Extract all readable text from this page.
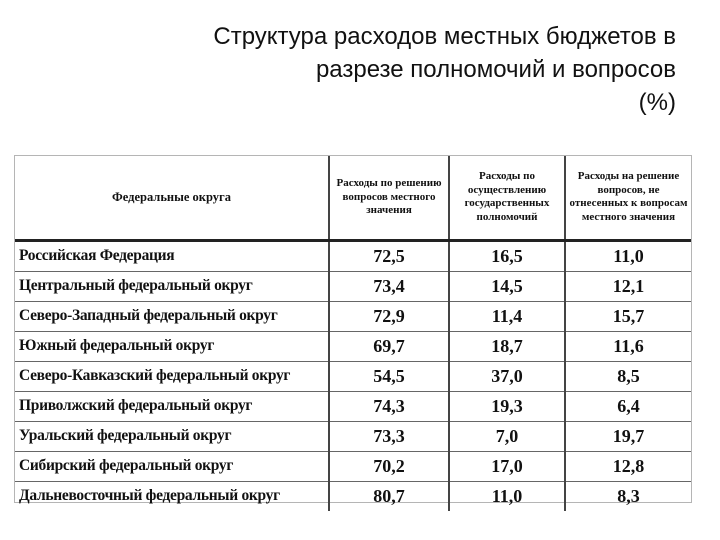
Структура расходов местных бюджетов в
разрезе полномочий и вопросов
(%)
Федеральные округа	Расходы по решению вопросов местного значения	Расходы по осуществлению государственных полномочий	Расходы на решение вопросов, не отнесенных к вопросам местного значения
Российская Федерация	72,5	16,5	11,0
Центральный федеральный округ	73,4	14,5	12,1
Северо-Западный федеральный округ	72,9	11,4	15,7
Южный федеральный округ	69,7	18,7	11,6
Северо-Кавказский федеральный округ	54,5	37,0	8,5
Приволжский федеральный округ	74,3	19,3	6,4
Уральский федеральный округ	73,3	7,0	19,7
Сибирский федеральный округ	70,2	17,0	12,8
Дальневосточный федеральный округ	80,7	11,0	8,3
